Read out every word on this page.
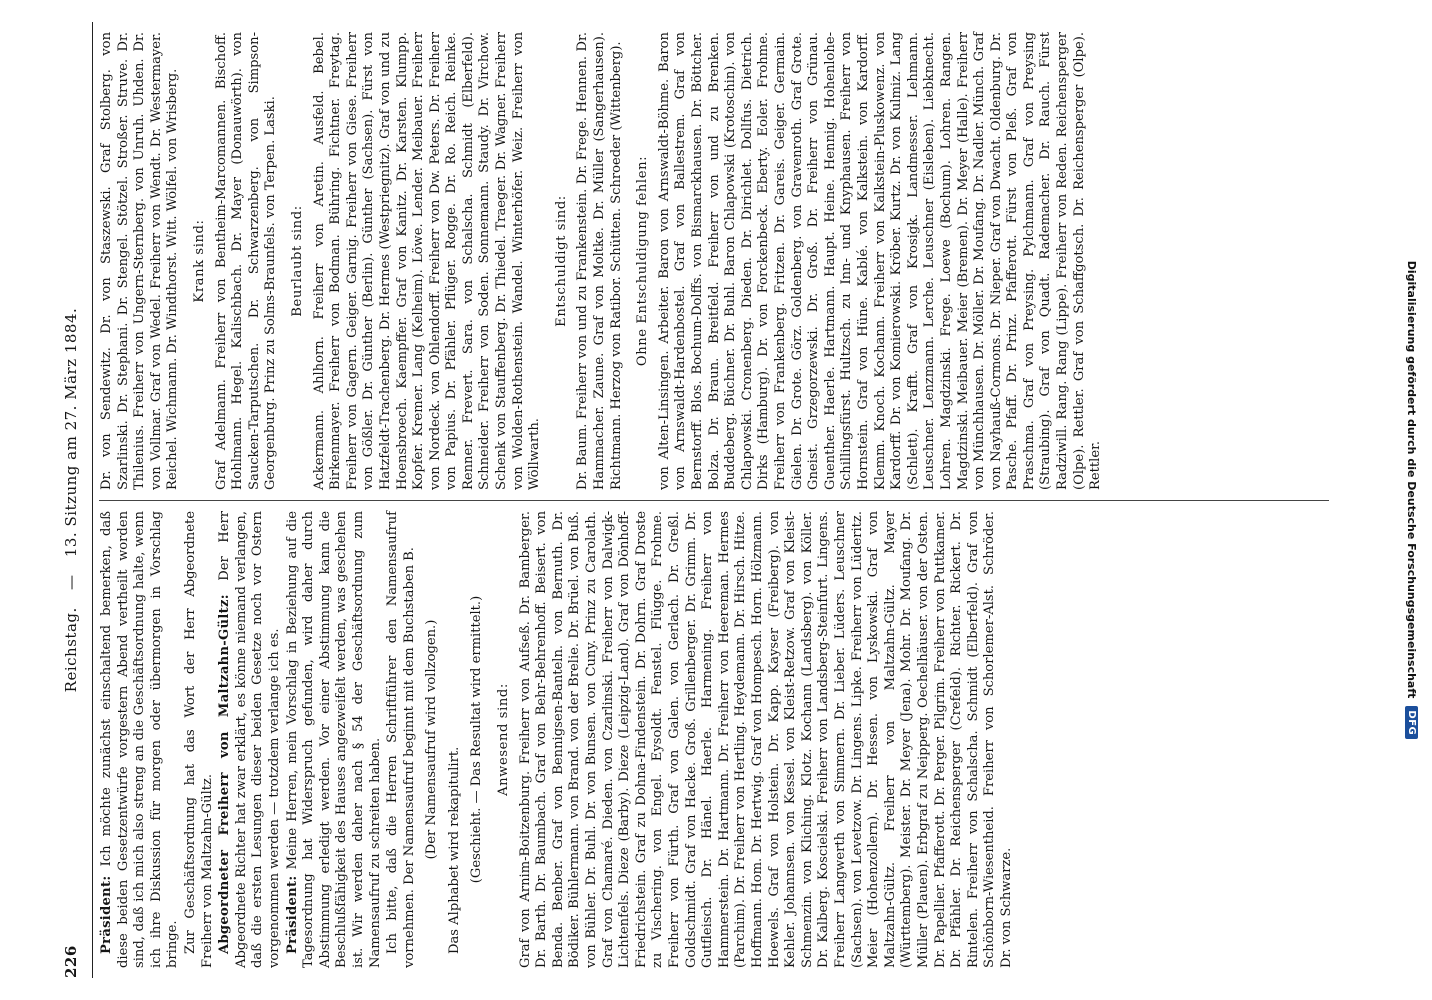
226
Reichstag. — 13. Sitzung am 27. März 1884.

Präsident: Ich möchte zunächst einschaltend bemerken, daß diese beiden Gesetzentwürfe vorgestern Abend vertheilt worden sind, daß ich mich also streng an die Geschäftsordnung halte, wenn ich ihre Diskussion für morgen oder übermorgen in Vorschlag bringe. Zur Geschäftsordnung hat das Wort der Herr Abgeordnete Freiherr von Maltzahn-Gültz. Abgeordneter Freiherr von Maltzahn-Gültz: Der Herr Abgeordnete Richter hat zwar erklärt, es könne niemand verlangen, daß die ersten Lesungen dieser beiden Gesetze noch vor Ostern vorgenommen werden — trotzdem verlange ich es. Präsident: Meine Herren, mein Vorschlag in Beziehung auf die Tagesordnung hat Widerspruch gefunden, wird daher durch Abstimmung erledigt werden. Vor einer Abstimmung kann die Beschlußfähigkeit des Hauses angezweifelt werden, was geschehen ist. Wir werden daher nach § 54 der Geschäftsordnung zum Namensaufruf zu schreiten haben. Ich bitte, daß die Herren Schriftführer den Namensaufruf vornehmen. Der Namensaufruf beginnt mit dem Buchstaben B. (Der Namensaufruf wird vollzogen.) Das Alphabet wird rekapitulirt. (Geschieht. — Das Resultat wird ermittelt.) Anwesend sind: Graf von Arnim-Boitzenburg. Freiherr von Aufseß. Dr. Bamberger. Dr. Barth. Dr. Baumbach. Graf von Behr-Behrenhoff. Beisert. von Benda. Benber. Graf von Bennigsen-Banteln. von Bernuth. Dr. Bödiker. Bühlermann. von Brand. von der Brelie. Dr. Brüel. von Buß. von Bühler. Dr. Buhl. Dr. von Bunsen. von Cuny. Prinz zu Carolath. Graf von Chamaré. Dieden. von Czarlinski. Freiherr von Dalwigk-Lichtenfels. Dieze (Barby). Dieze (Leipzig-Land). Graf von Dönhoff-Friedrichstein. Graf zu Dohna-Findenstein. Dr. Dohrn. Graf Droste zu Vischering. von Engel. Eysoldt. Fenstel. Flügge. Frohme. Freiherr von Fürth. Graf von Galen. von Gerlach. Dr. Greßl. Goldschmidt. Graf von Hacke. Groß. Grillenberger. Dr. Grimm. Dr. Gutfleisch. Dr. Hänel. Haerle. Harmening. Freiherr von Hammerstein. Dr. Hartmann. Dr. Freiherr von Heereman. Hermes (Parchim). Dr. Freiherr von Hertling. Heydemann. Dr. Hirsch. Hitze. Hoffmann. Hom. Dr. Hertwig. Graf von Hompesch. Horn. Hölzmann. Hoewels. Graf von Holstein. Dr. Kapp. Kayser (Freiberg). von Kehler. Johannsen. von Kessel. von Kleist-Retzow. Graf von Kleist-Schmenzin. von Kliching. Klotz. Kochann (Landsberg). von Köller. Dr. Kalberg. Koscielski. Freiherr von Landsberg-Steinfurt. Lingens. Freiherr Langwerth von Simmern. Dr. Lieber. Lüders. Leuschner (Sachsen). von Levetzow. Dr. Lingens. Lipke. Freiherr von Lüderitz. Meier (Hohenzollern). Dr. Hessen. von Lyskowski. Graf von Maltzahn-Gültz. Freiherr von Maltzahn-Gültz. Mayer (Württemberg). Meister. Dr. Meyer (Jena). Mohr. Dr. Moufang. Dr. Müller (Plauen). Erbgraf zu Neipperg. Oechelhäuser. von der Osten. Dr. Papellier. Pfafferott. Dr. Perger. Pilgrim. Freiherr von Puttkamer. Dr. Pfähler. Dr. Reichensperger (Crefeld). Richter. Rickert. Dr. Rintelen. Freiherr von Schalscha. Schmidt (Elberfeld). Graf von Schönborn-Wiesentheid. Freiherr von Schorlemer-Alst. Schröder. Dr. von Schwarze.

Dr. von Sendewitz. Dr. von Staszewski. Graf Stolberg. von Szarlinski. Dr. Stephani. Dr. Stengel. Stötzel. Stroßer. Struve. Dr. Thilenius. Freiherr von Ungern-Sternberg. von Unruh. Uhden. Dr. von Vollmar. Graf von Wedel. Freiherr von Wendt. Dr. Westermayer. Reichel. Wichmann. Dr. Windthorst. Witt. Wölfel. von Wrisberg. Krank sind: Graf Adelmann. Freiherr von Bentheim-Marcomannen. Bischoff. Hohlmann. Hegel. Kalischbach. Dr. Mayer (Donauwörth). von Saucken-Tarputschen. Dr. Schwarzenberg. von Simpson-Georgenburg. Prinz zu Solms-Braunfels. von Terpen. Laski. Beurlaubt sind: Ackermann. Ahlhorn. Freiherr von Aretin. Ausfeld. Bebel. Birkenmayer. Freiherr von Bodman. Bühring. Fichtner. Freytag. Freiherr von Gagern. Geiger. Garnig. Freiherr von Giese. Freiherr von Gößler. Dr. Günther (Berlin). Günther (Sachsen). Fürst von Hatzfeldt-Trachenberg. Dr. Hermes (Westpriegnitz). Graf von und zu Hoensbroech. Kaempffer. Graf von Kanitz. Dr. Karsten. Klumpp. Kopfer. Kremer. Lang (Kelheim). Löwe. Lender. Meibauer. Freiherr von Nordeck. von Ohlendorff. Freiherr von Dw. Peters. Dr. Freiherr von Papius. Dr. Pfähler. Pflüger. Rogge. Dr. Ro. Reich. Reinke. Renner. Frevert. Sara. von Schalscha. Schmidt (Elberfeld). Schneider. Freiherr von Soden. Sonnemann. Staudy. Dr. Virchow. Schenk von Stauffenberg. Dr. Thiedel. Traeger. Dr. Wagner. Freiherr von Wolden-Rothenstein. Wandel. Winterhöfer. Weiz. Freiherr von Wöllwarth.

Entschuldigt sind: Dr. Baum. Freiherr von und zu Frankenstein. Dr. Frege. Hennen. Dr. Hammacher. Zaune. Graf von Moltke. Dr. Müller (Sangerhausen). Richtmann. Herzog von Ratibor. Schütten. Schroeder (Wittenberg). Ohne Entschuldigung fehlen: von Alten-Linsingen. Arbeiter. Baron von Arnswaldt-Böhme. Baron von Arnswaldt-Hardenbostel. Graf von Ballestrem. Graf von Bernstorff. Blos. Bochum-Dolffs. von Bismarckhausen. Dr. Böttcher. Bolza. Dr. Braun. Breitfeld. Freiherr von und zu Brenken. Buddeberg. Büchner. Dr. Buhl. Baron Chlapowski (Krotoschin). von Chlapowski. Cronenberg. Dieden. Dr. Dirichlet. Dollfus. Dietrich. Dirks (Hamburg). Dr. von Forckenbeck. Eberty. Eoler. Frohme. Freiherr von Frankenberg. Fritzen. Dr. Gareis. Geiger. Germain. Gielen. Dr. Grote. Görz. Goldenberg. von Gravenroth. Graf Grote. Gneist. Grzegorzewski. Dr. Groß. Dr. Freiherr von Grünau. Guenther. Haerle. Hartmann. Haupt. Heine. Hennig. Hohenlohe-Schillingsfürst. Hultzsch. zu Inn- und Knyphausen. Freiherr von Hornstein. Graf von Hüne. Kablé. von Kalkstein. von Kardorff. Klemm. Knoch. Kochann. Freiherr von Kalkstein-Pluskowenz. von Kardorff. Dr. von Komierowski. Kröber. Kurtz. Dr. von Kulmiz. Lang (Schlett). Krafft. Graf von Krosigk. Landmesser. Lehmann. Leuschner. Lenzmann. Lerche. Leuschner (Eisleben). Liebknecht. Lohren. Magdzinski. Frege. Loewe (Bochum). Lohren. Rangen. Magdzinski. Meibauer. Meier (Bremen). Dr. Meyer (Halle). Freiherr von Münchhausen. Dr. Möller. Dr. Moufang. Dr. Nadler. Münch. Graf von Nayhauß-Cormons. Dr. Nieper. Graf von Dwacht. Oldenburg. Dr. Pasche. Pfaff. Dr. Prinz. Pfafferott. Fürst von Pleß. Graf von Praschma. Graf von Preysing. Pylchmann. Graf von Preysing (Straubing). Graf von Quadt. Rademacher. Dr. Rauch. Fürst Radziwill. Rang. Rang (Lippe). Freiherr von Reden. Reichensperger (Olpe). Rettler. Graf von Schaffgotsch. Dr. Reichensperger (Olpe). Rettler.	Digitalisierung gefördert durch die Deutsche Forschungsgemeinschaft
DFG
